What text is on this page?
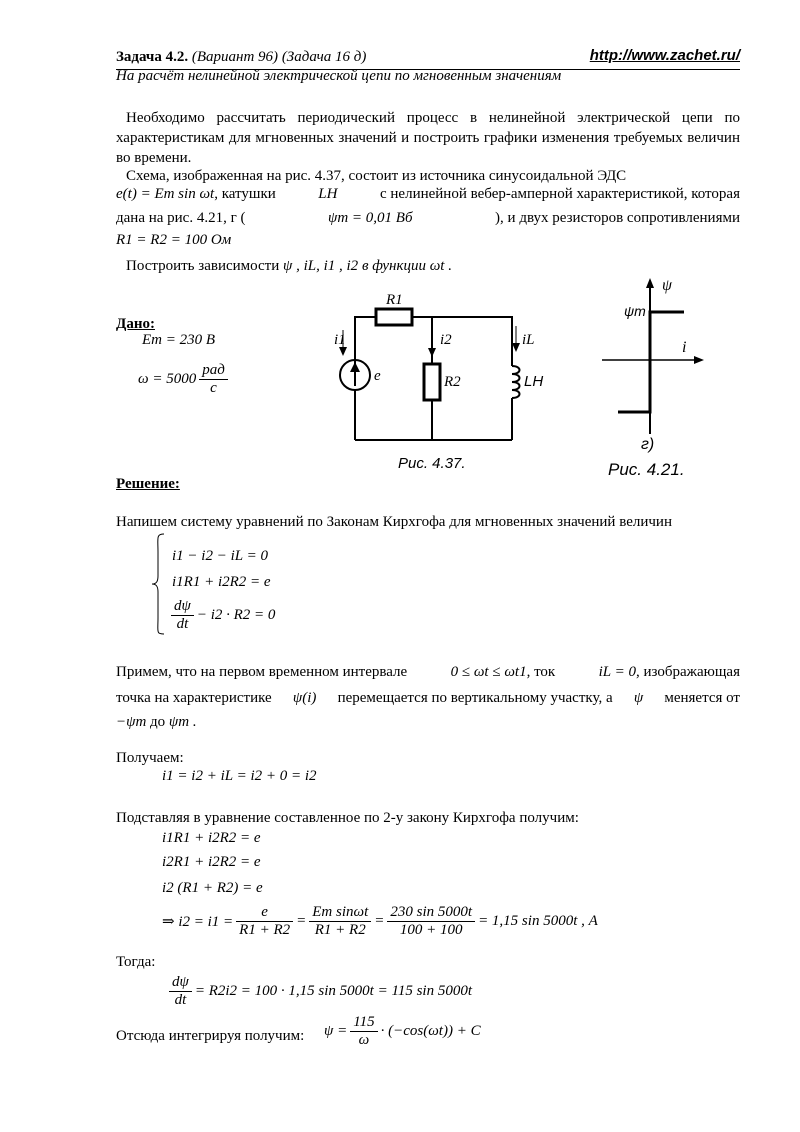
Задача 4.2. (Вариант 96) (Задача 16 д)	http://www.zachet.ru/
На расчёт нелинейной электрической цепи по мгновенным значениям
Необходимо рассчитать периодический процесс в нелинейной электрической цепи по характеристикам для мгновенных значений и построить графики изменения требуемых величин во времени.
Схема, изображенная на рис. 4.37, состоит из источника синусоидальной ЭДС
e(t) = Em sin ωt, катушки	LH	с нелинейной вебер-амперной характеристикой, которая
дана на рис. 4.21, г (	ψm = 0,01 Вб	), и двух резисторов сопротивлениями
R1 = R2 = 100 Ом
Построить зависимости ψ , iL, i1 , i2 в функции ωt .
Дано:
Em = 230 В
$\omega = 5000 \frac{\text{рад}}{с}$
R1
R2
i1	i2	iL
e	LH
Рис. 4.37.
ψ
ψm
i
г)
Рис. 4.21.
Решение:
Напишем систему уравнений по Законам Кирхгофа для мгновенных значений величин
i1 − i2 − iL = 0
i1R1 + i2R2 = e
$\frac{d\psi}{dt} - i2 \cdot R2 = 0$
Примем, что на первом временном интервале	0 ≤ ωt ≤ ωt1, ток	iL = 0, изображающая
точка на характеристике ψ(i) перемещается по вертикальному участку, а ψ меняется от
−ψm до ψm .
Получаем:
i1 = i2 + iL = i2 + 0 = i2
Подставляя в уравнение составленное по 2-у закону Кирхгофа получим:
i1R1 + i2R2 = e
i2R1 + i2R2 = e
i2 (R1 + R2) = e
⇒ $i2 = i1 = \frac{e}{R1 + R2} = \frac{\text{Em sinωt}}{R1 + R2} = \frac{230 \sin 5000t}{100 + 100} = 1,15$ sin 5000t , А
Тогда:
$\frac{d\psi}{dt} = R2i2 = 100 \cdot 1,15$ sin 5000t = 115 sin 5000t
Отсюда интегрируя получим: $\psi = \frac{115}{\omega} \cdot (-\cos(\omega t)) + C$
